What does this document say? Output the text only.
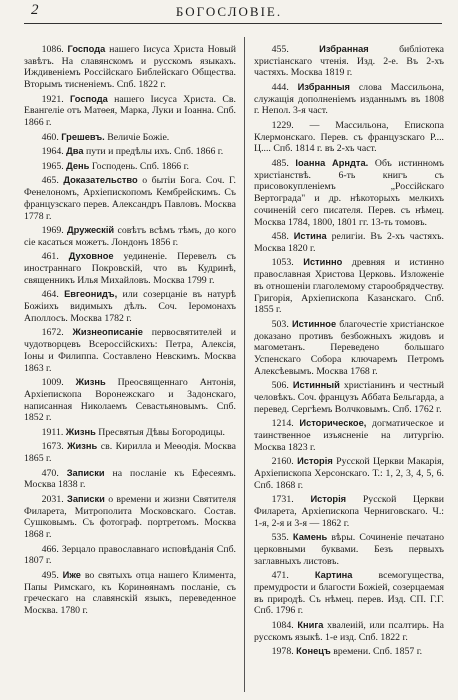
2	БОГОСЛОВІЕ.

1086. Господа нашего Іисуса Христа Новый завѣтъ. На славянскомъ и русскомъ языкахъ. Иждивеніемъ Россійскаго Библейскаго Общества. Вторымъ тисненіемъ. Спб. 1822 г.

1921. Господа нашего Іисуса Христа. Св. Евангеліе отъ Матѳея, Марка, Луки и Іоанна. Спб. 1866 г.

460. Грешевъ. Величіе Божіе.

1964. Два пути и предѣлы ихъ. Спб. 1866 г.

1965. День Господень. Спб. 1866 г.

465. Доказательство о бытіи Бога. Соч. Г. Фенелономъ, Архіепископомъ Кембрейскимъ. Съ французскаго перев. Александръ Павловъ. Москва 1778 г.

1969. Дружескій совѣтъ всѣмъ тѣмъ, до кого сіе касаться можетъ. Лондонъ 1856 г.

461. Духовное уединеніе. Перевелъ съ иностраннаго Покровскій, что въ Кудринѣ, священникъ Илья Михайловъ. Москва 1799 г.

464. Евгеонидъ, или созерцаніе въ натурѣ Божіихъ видимыхъ дѣлъ. Соч. Іеромонахъ Аполлосъ. Москва 1782 г.

1672. Жизнеописаніе первосвятителей и чудотворцевъ Всероссійскихъ: Петра, Алексія, Іоны и Филиппа. Составлено Невскимъ. Москва 1863 г.

1009. Жизнь Преосвященнаго Антонія, Архіепископа Воронежскаго и Задонскаго, написанная Николаемъ Севастьяновымъ. Спб. 1852 г.

1911. Жизнь Пресвятыя Дѣвы Богородицы.

1673. Жизнь св. Кирилла и Меѳодія. Москва 1865 г.

470. Записки на посланіе къ Ефесеямъ. Москва 1838 г.

2031. Записки о времени и жизни Святителя Филарета, Митрополита Московскаго. Состав. Сушковымъ. Съ фотограф. портретомъ. Москва 1868 г.

466. Зерцало православнаго исповѣданія Спб. 1807 г.

495. Иже во святыхъ отца нашего Климента, Папы Римскаго, къ Коринѳянамъ посланіе, съ греческаго на славянскій языкъ, переведенное Москва. 1780 г.

455.	Избранная	библіотека христіанскаго чтенія. Изд. 2-е. Въ 2-хъ частяхъ. Москва 1819 г.

444. Избранныя слова Массильона, служащія дополненіемъ изданнымъ въ 1808 г. Непол. 3-я част.

1229. — Массильона, Епископа Клермонскаго. Перев. съ французскаго Р.... Ц.... Спб. 1814 г. въ 2-хъ част.

485. Іоанна Арндта. Объ истинномъ христіанствѣ. 6-ть книгъ съ присовокупленіемъ „Россійскаго Вертограда" и др. нѣкоторыхъ мелкихъ сочиненій сего писателя. Перев. съ нѣмец. Москва 1784, 1800, 1801 гг. 13-ть томовъ.

458. Истина религіи. Въ 2-хъ частяхъ. Москва 1820 г.

1053. Истинно древняя и истинно православная Христова Церковь. Изложеніе въ отношеніи глаголемому старообрядчеству. Григорія, Архіепископа Казанскаго. Спб. 1855 г.

503. Истинное благочестіе христіанское доказано противъ безбожныхъ жидовъ и магометанъ. Переведено большаго Успенскаго Собора ключаремъ Петромъ Алексѣевымъ. Москва 1768 г.

506. Истинный христіанинъ и честный человѣкъ. Соч. французъ Аббата Бельгарда, а перевед. Сергѣемъ Волчковымъ. Спб. 1762 г.

1214. Историческое, догматическое и таинственное изъясненіе на литургію. Москва 1823 г.

2160. Исторія Русской Церкви Макарія, Архіепископа Херсонскаго. Т.: 1, 2, 3, 4, 5, 6. Спб. 1868 г.

1731. Исторія Русской Церкви Филарета, Архіепископа Черниговскаго. Ч.: 1-я, 2-я и 3-я — 1862 г.

535. Камень вѣры. Сочиненіе печатано церковными буквами. Безъ первыхъ заглавныхъ листовъ.

471.	Картина	всемогущества, премудрости и благости Божіей, созерцаемая въ природѣ. Съ нѣмец. перев. Изд. СП. Г.Г. Спб. 1796 г.

1084. Книга хвалеиій, или псалтирь. На русскомъ языкѣ. 1-е изд. Спб. 1822 г.

1978. Конецъ времени. Спб. 1857 г.
